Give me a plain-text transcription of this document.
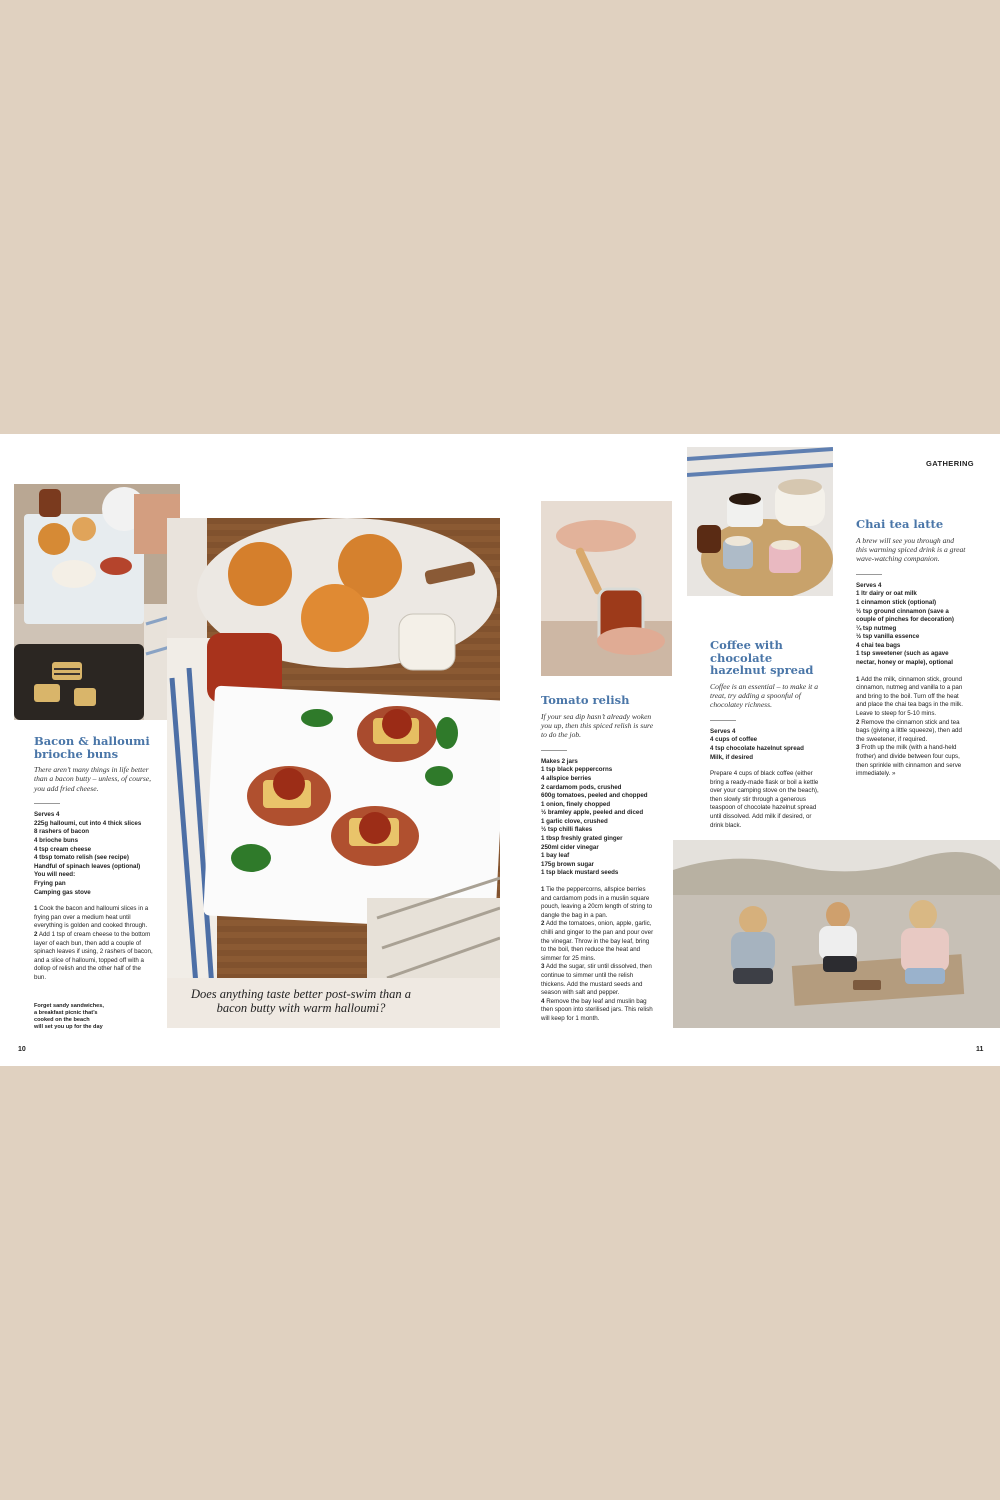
Bacon & halloumi brioche buns

There aren’t many things in life better than a bacon butty – unless, of course, you add fried cheese.

Serves 4
225g halloumi, cut into 4 thick slices
8 rashers of bacon
4 brioche buns
4 tsp cream cheese
4 tbsp tomato relish (see recipe)
Handful of spinach leaves (optional)
You will need:
Frying pan
Camping gas stove
1 Cook the bacon and halloumi slices in a frying pan over a medium heat until everything is golden and cooked through.
2 Add 1 tsp of cream cheese to the bottom layer of each bun, then add a couple of spinach leaves if using, 2 rashers of bacon, and a slice of halloumi, topped off with a dollop of relish and the other half of the bun.
Forget sandy sandwiches,
a breakfast picnic that’s
cooked on the beach
will set you up for the day
10
Does anything taste better post-swim than a bacon butty with warm halloumi?
Tomato relish

If your sea dip hasn’t already woken you up, then this spiced relish is sure to do the job.

Makes 2 jars
1 tsp black peppercorns
4 allspice berries
2 cardamom pods, crushed
600g tomatoes, peeled and chopped
1 onion, finely chopped
½ bramley apple, peeled and diced
1 garlic clove, crushed
½ tsp chilli flakes
1 tbsp freshly grated ginger
250ml cider vinegar
1 bay leaf
175g brown sugar
1 tsp black mustard seeds
1 Tie the peppercorns, allspice berries and cardamom pods in a muslin square pouch, leaving a 20cm length of string to dangle the bag in a pan.
2 Add the tomatoes, onion, apple, garlic, chilli and ginger to the pan and pour over the vinegar. Throw in the bay leaf, bring to the boil, then reduce the heat and simmer for 25 mins.
3 Add the sugar, stir until dissolved, then continue to simmer until the relish thickens. Add the mustard seeds and season with salt and pepper.
4 Remove the bay leaf and muslin bag then spoon into sterilised jars. This relish will keep for 1 month.
Coffee with chocolate hazelnut spread

Coffee is an essential – to make it a treat, try adding a spoonful of chocolatey richness.

Serves 4
4 cups of coffee
4 tsp chocolate hazelnut spread
Milk, if desired
Prepare 4 cups of black coffee (either bring a ready-made flask or boil a kettle over your camping stove on the beach), then slowly stir through a generous teaspoon of chocolate hazelnut spread until dissolved. Add milk if desired, or drink black.
GATHERING
Chai tea latte

A brew will see you through and this warming spiced drink is a great wave-watching companion.

Serves 4
1 ltr dairy or oat milk
1 cinnamon stick (optional)
½ tsp ground cinnamon (save a couple of pinches for decoration)
¼ tsp nutmeg
½ tsp vanilla essence
4 chai tea bags
1 tsp sweetener (such as agave nectar, honey or maple), optional
1 Add the milk, cinnamon stick, ground cinnamon, nutmeg and vanilla to a pan and bring to the boil. Turn off the heat and place the chai tea bags in the milk. Leave to steep for 5-10 mins.
2 Remove the cinnamon stick and tea bags (giving a little squeeze), then add the sweetener, if required.
3 Froth up the milk (with a hand-held frother) and divide between four cups, then sprinkle with cinnamon and serve immediately. »
11
